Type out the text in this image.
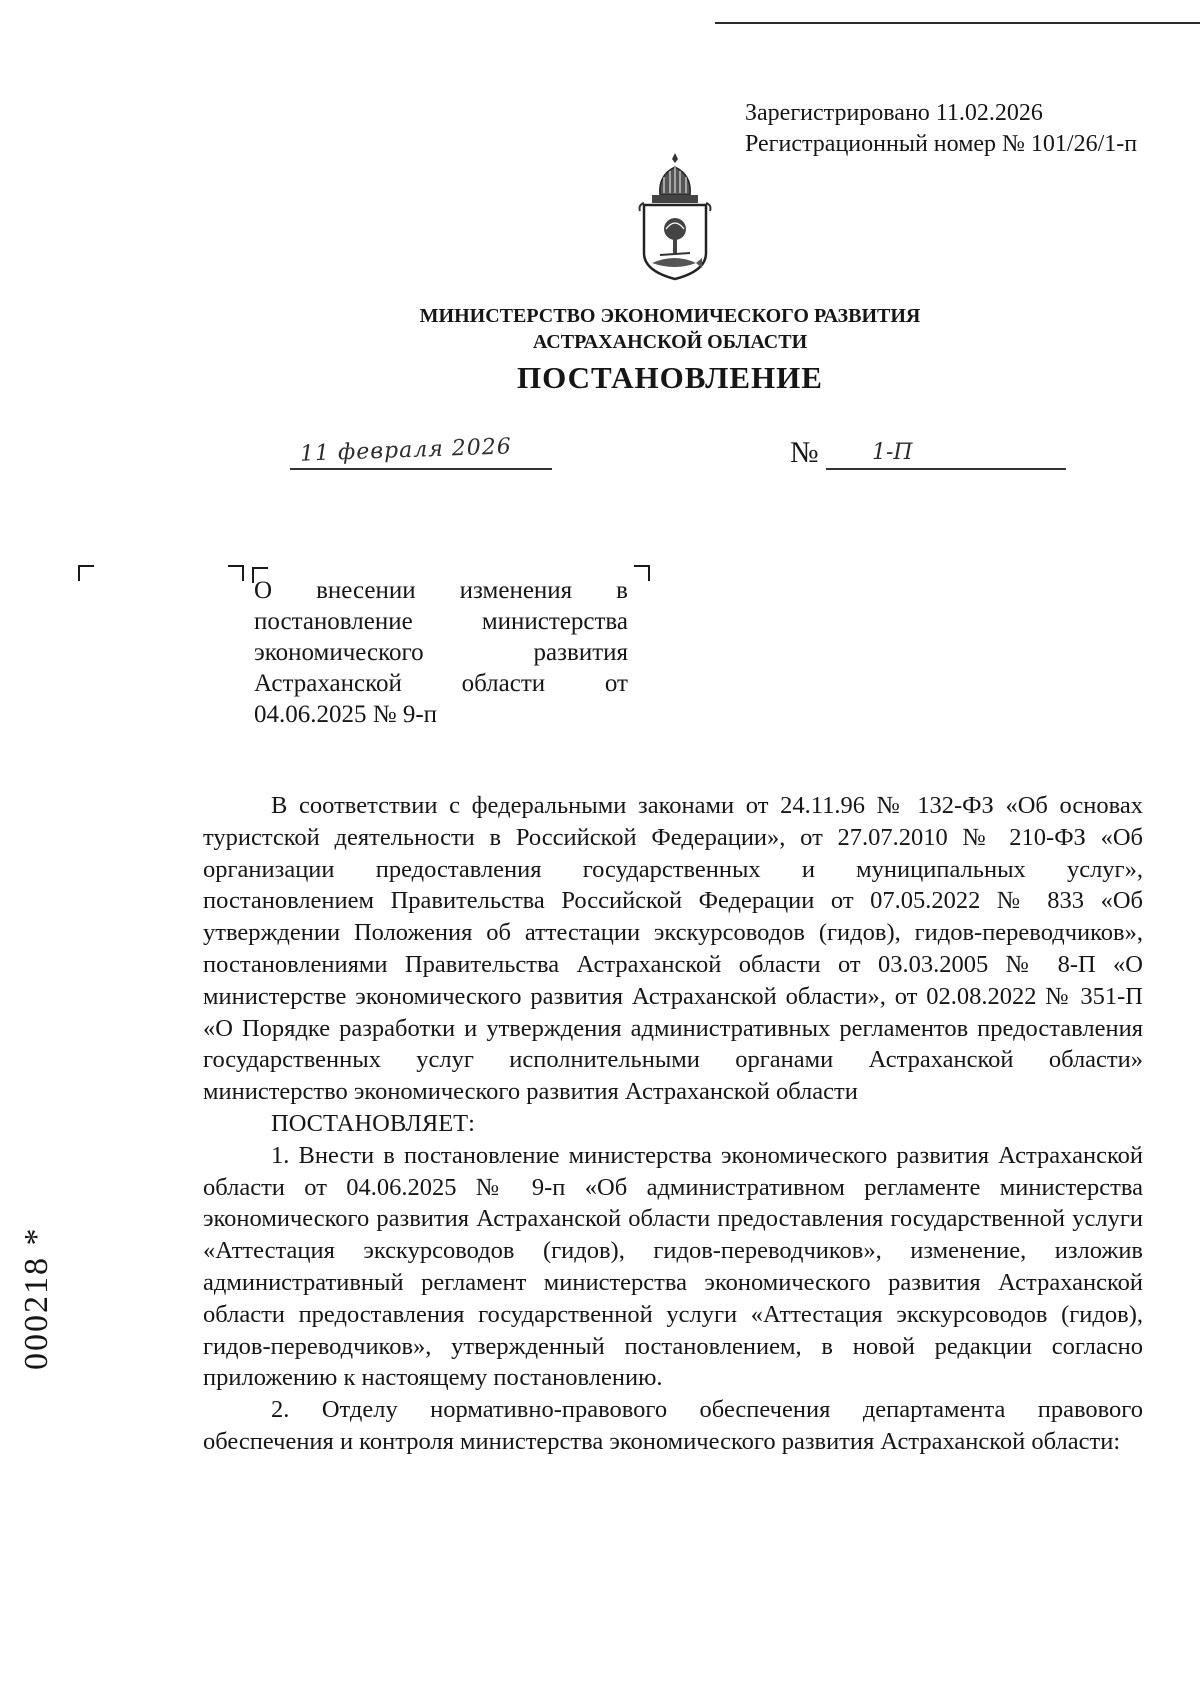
Зарегистрировано 11.02.2026
Регистрационный номер № 101/26/1-п
МИНИСТЕРСТВО ЭКОНОМИЧЕСКОГО РАЗВИТИЯ
АСТРАХАНСКОЙ ОБЛАСТИ
ПОСТАНОВЛЕНИЕ
11 февраля 2026	№ 1-П
О внесении изменения в постановление министерства экономического развития Астраханской области от 04.06.2025 № 9-п

В соответствии с федеральными законами от 24.11.96 № 132-ФЗ «Об основах туристской деятельности в Российской Федерации», от 27.07.2010 № 210-ФЗ «Об организации предоставления государственных и муниципальных услуг», постановлением Правительства Российской Федерации от 07.05.2022 № 833 «Об утверждении Положения об аттестации экскурсоводов (гидов), гидов-переводчиков», постановлениями Правительства Астраханской области от 03.03.2005 № 8-П «О министерстве экономического развития Астраханской области», от 02.08.2022 № 351-П «О Порядке разработки и утверждения административных регламентов предоставления государственных услуг исполнительными органами Астраханской области» министерство экономического развития Астраханской области

ПОСТАНОВЛЯЕТ:

1. Внести в постановление министерства экономического развития Астраханской области от 04.06.2025 № 9-п «Об административном регламенте министерства экономического развития Астраханской области предоставления государственной услуги «Аттестация экскурсоводов (гидов), гидов-переводчиков», изменение, изложив административный регламент министерства экономического развития Астраханской области предоставления государственной услуги «Аттестация экскурсоводов (гидов), гидов-переводчиков», утвержденный постановлением, в новой редакции согласно приложению к настоящему постановлению.

2. Отделу нормативно-правового обеспечения департамента правового обеспечения и контроля министерства экономического развития Астраханской области:

000218 *
